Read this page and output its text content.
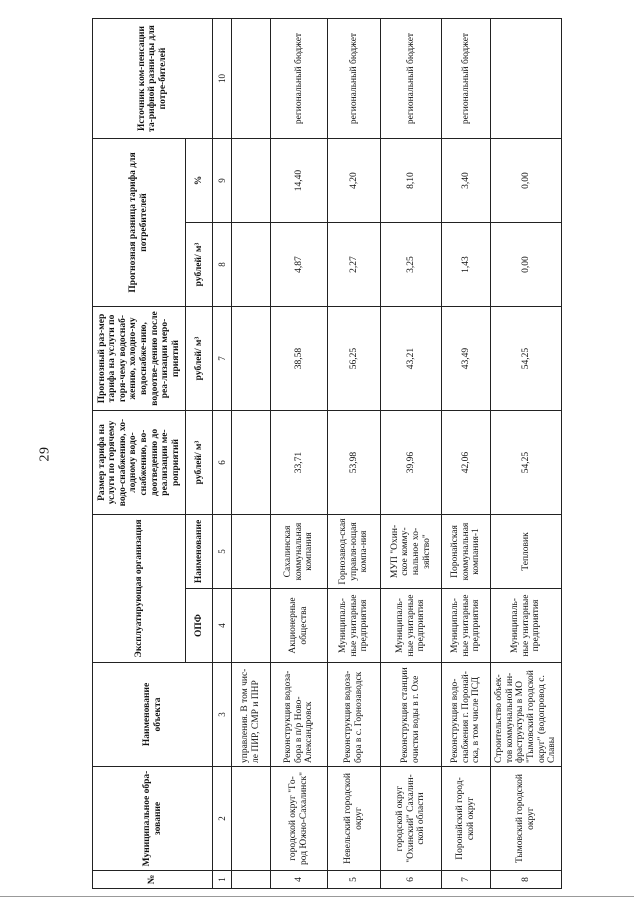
29
№	Муниципальное обра-зование	Наименование объекта	Эксплуатирующая организация		Размер тарифа на услуги по горячему водо-снабжению, хо-лодному водо-снабжению, во-доотведению до реализации ме-роприятий	Прогнозный раз-мер тарифа на услуги по горя-чему водоснаб-жению, холодно-му водоснабже-нию, водоотве-дению после реа-лизации меро-приятий	Прогнозная разница тарифа для потребителей		Источник ком-пенсации та-рифной разни-цы для потре-бителей
			ОПФ	Наименование	рублей/ м³	рублей/ м³	рублей/ м³	%	
1	2	3	4	5	6	7	8	9	10
		управления. В том чис-ле ПИР, СМР и ПНР							
4	городской округ "Го-род Южно-Сахалинск"	Реконструкция водоза-бора в п/р Ново-Александровск	Акционерные общества	Сахалинская коммунальная компания	33,71	38,58	4,87	14,40	региональный бюджет
5	Невельский городской округ	Реконструкция водоза-бора в с. Горнозаводск	Муниципаль-ные унитарные предприятия	Горнозавод-ская управля-ющая компа-ния	53,98	56,25	2,27	4,20	региональный бюджет
6	городской округ "Охинский" Сахалин-ской области	Реконструкция станции очистки воды в г. Охе	Муниципаль-ные унитарные предприятия	МУП "Охин-ское комму-нальное хо-зяйство"	39,96	43,21	3,25	8,10	региональный бюджет
7	Поронайский город-ской округ	Реконструкция водо-снабжения г. Поронай-ска, в том числе ПСД	Муниципаль-ные унитарные предприятия	Поронайская коммунальная компания-1	42,06	43,49	1,43	3,40	региональный бюджет
8	Тымовский городской округ	Строительство объек-тов коммунальной ин-фраструктуры в МО "Тымовский городской округ" (водопровод с. Славы	Муниципаль-ные унитарные предприятия	Тепловик	54,25	54,25	0,00	0,00	
